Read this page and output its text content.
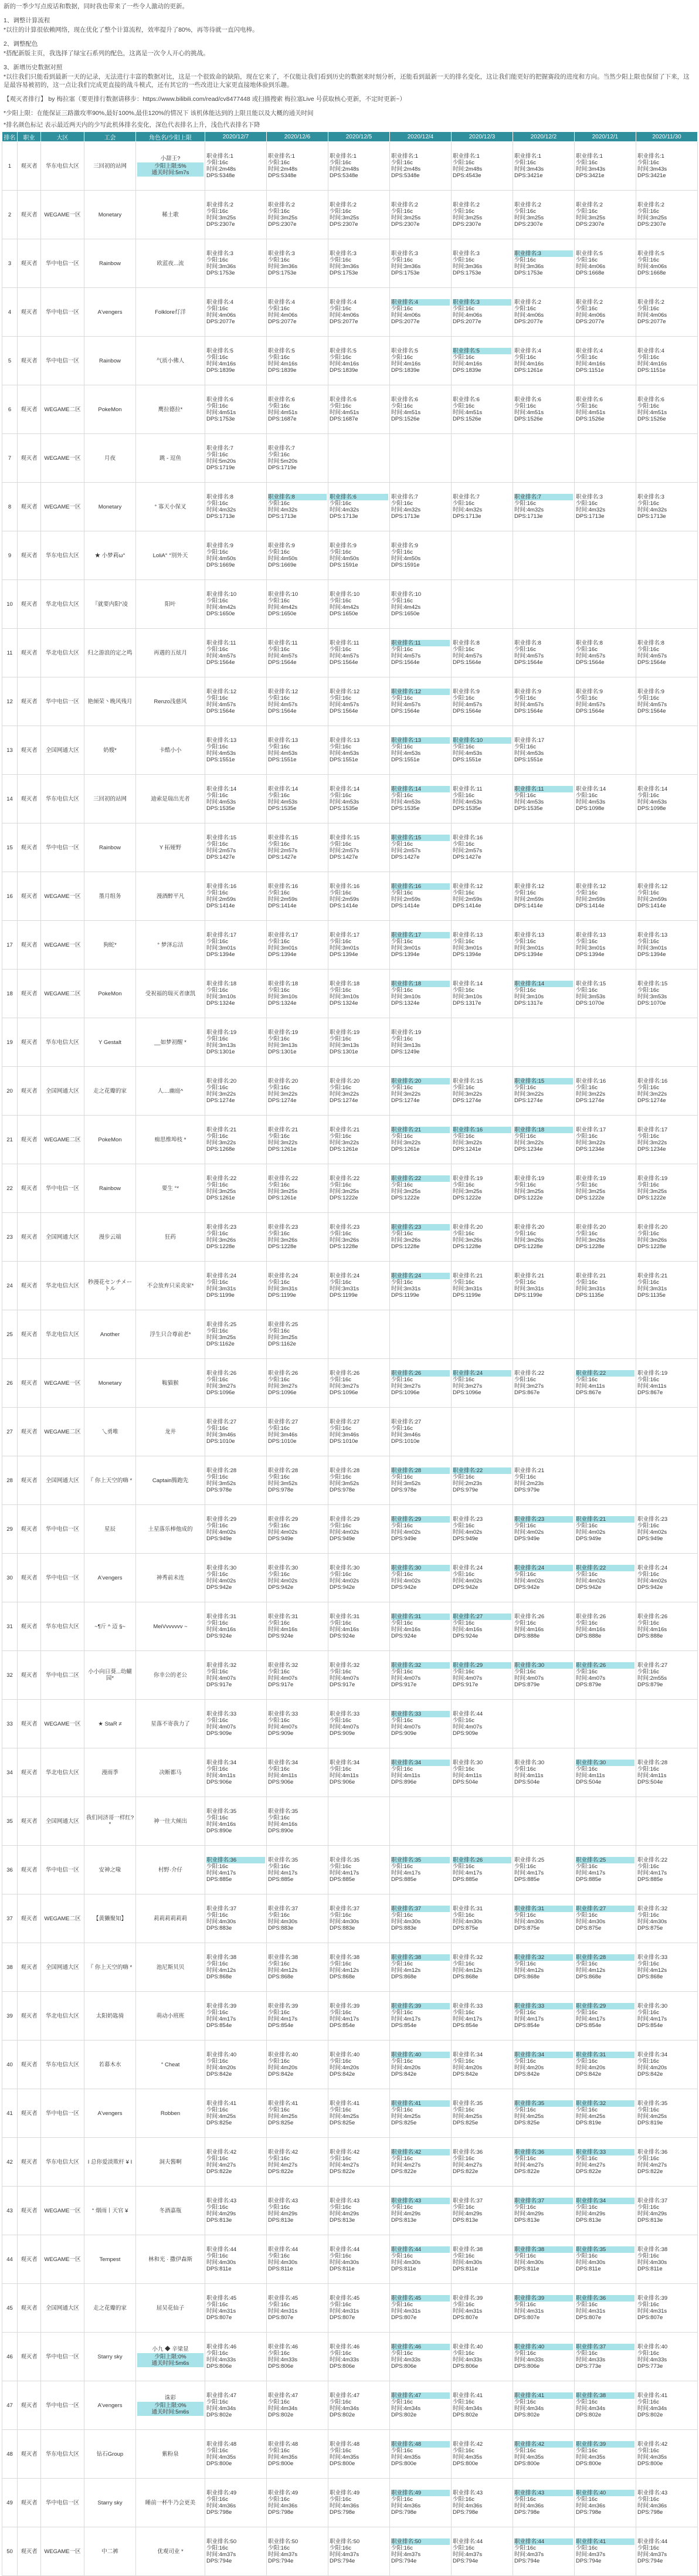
新的一季少写点废话和数据，同时我也带来了一些令人激动的更新。

1、调整计算流程

*以往的计算很依赖网络，现在优化了整个计算流程，效率提升了80%，再等待就一直闪电棒。

2、调整配色

*搭配新版主页，我选择了绿宝石系列的配色，这离是一次令人开心的挑战。

3、新增历史数据对照

*以往我们只能看到最新一天的记录，无法进行丰富的数据对比，这是一个很致命的缺陷，现在它来了，不仅能让我们看到历史的数据来时刻分析，还能看到最新一天的排名变化，这让我们能更好的把握赛段的进度和方向。当然少阳上限也保留了下来，这是最容易被初的，这一点让我们完成更直接的战斗模式，还有其它的一些改进让大家更直接地体验到乐趣。

【观灭者排行】 by 梅拉塞（要更排行数据请移步：https://www.bilibili.com/read/cv8477448 或扫描搜索 梅拉塞Live 号获取核心更新，不定时更新~）

*少阳上限：在能保证三路激攻率90%,最好100%,最佳120%的情况下 该机体能达到的上限且能以及大概的通关时间

*排名颜色标记 表示最近两天内的少写此机体排名变化，深色代表排名上升，浅色代表排名下降

排名	职业	大区	工会	角色名/少阳上限	2020/12/7	2020/12/6	2020/12/5	2020/12/4	2020/12/3	2020/12/2	2020/12/1	2020/11/30
1	观灭者	华东电信大区	三回初的站网	小甜王?
少阳上限:5%
通关时间:5m7s	职业排名:1
少阳:16c
时间:2m48s
DPS:5348e	职业排名:1
少阳:16c
时间:2m48s
DPS:5348e	职业排名:1
少阳:16c
时间:2m48s
DPS:5348e	职业排名:1
少阳:16c
时间:2m48s
DPS:5348e	职业排名:1
少阳:16c
时间:2m48s
DPS:4543e	职业排名:1
少阳:16c
时间:3m43s
DPS:3421e	职业排名:1
少阳:16c
时间:3m43s
DPS:3421e	职业排名:1
少阳:16c
时间:3m43s
DPS:3421e

2	观灭者	WEGAME一区	Monetary	稀土歌	职业排名:2
少阳:16c
时间:3m25s
DPS:2307e	职业排名:2
少阳:16c
时间:3m25s
DPS:2307e	职业排名:2
少阳:16c
时间:3m25s
DPS:2307e	职业排名:2
少阳:16c
时间:3m25s
DPS:2307e	职业排名:2
少阳:16c
时间:3m25s
DPS:2307e	职业排名:2
少阳:16c
时间:3m25s
DPS:2307e	职业排名:2
少阳:16c
时间:3m25s
DPS:2307e	职业排名:2
少阳:16c
时间:3m25s
DPS:2307e

3	观灭者	华中电信一区	Rainbow	欧蓝夜...流	职业排名:3
少阳:16c
时间:3m36s
DPS:1753e	职业排名:3
少阳:16c
时间:3m36s
DPS:1753e	职业排名:3
少阳:16c
时间:3m36s
DPS:1753e	职业排名:3
少阳:16c
时间:3m36s
DPS:1753e	职业排名:3
少阳:16c
时间:3m36s
DPS:1753e	职业排名:3
少阳:16c
时间:3m36s
DPS:1753e	职业排名:5
少阳:16c
时间:4m06s
DPS:1668e	职业排名:5
少阳:16c
时间:4m06s
DPS:1668e

4	观灭者	华中电信一区	A'vengers	Folklore灯洋	职业排名:4
少阳:16c
时间:4m06s
DPS:2077e	职业排名:4
少阳:16c
时间:4m06s
DPS:2077e	职业排名:4
少阳:16c
时间:4m06s
DPS:2077e	职业排名:4
少阳:16c
时间:4m06s
DPS:2077e	职业排名:3
少阳:16c
时间:4m06s
DPS:2077e	职业排名:2
少阳:16c
时间:4m06s
DPS:2077e	职业排名:2
少阳:16c
时间:4m06s
DPS:2077e	职业排名:2
少阳:16c
时间:4m06s
DPS:2077e

5	观灭者	华中电信一区	Rainbow	气质小佛人	职业排名:5
少阳:16c
时间:4m16s
DPS:1839e	职业排名:5
少阳:16c
时间:4m16s
DPS:1839e	职业排名:5
少阳:16c
时间:4m16s
DPS:1839e	职业排名:5
少阳:16c
时间:4m16s
DPS:1839e	职业排名:5
少阳:16c
时间:4m16s
DPS:1839e	职业排名:4
少阳:16c
时间:4m16s
DPS:1261e	职业排名:4
少阳:16c
时间:4m16s
DPS:1151e	职业排名:4
少阳:16c
时间:4m16s
DPS:1151e

6	观灭者	WEGAME二区	PokeMon	鹰拉德拉*	职业排名:6
少阳:16c
时间:4m51s
DPS:1753e	职业排名:6
少阳:16c
时间:4m51s
DPS:1687e	职业排名:6
少阳:16c
时间:4m51s
DPS:1687e	职业排名:6
少阳:16c
时间:4m51s
DPS:1526e	职业排名:6
少阳:16c
时间:4m51s
DPS:1526e	职业排名:6
少阳:16c
时间:4m51s
DPS:1526e	职业排名:6
少阳:16c
时间:4m51s
DPS:1526e	职业排名:6
少阳:16c
时间:4m51s
DPS:1526e

7	观灭者	WEGAME一区	月夜	跳 - 逗鱼	职业排名:7
少阳:16c
时间:5m20s
DPS:1719e	职业排名:7
少阳:16c
时间:5m20s
DPS:1719e						

8	观灭者	WEGAME一区	Monetary	° 寡天小保叉	职业排名:8
少阳:16c
时间:4m32s
DPS:1713e	职业排名:8
少阳:16c
时间:4m32s
DPS:1713e	职业排名:6
少阳:16c
时间:4m32s
DPS:1713e	职业排名:7
少阳:16c
时间:4m32s
DPS:1713e	职业排名:7
少阳:16c
时间:4m32s
DPS:1713e	职业排名:7
少阳:16c
时间:4m32s
DPS:1713e	职业排名:3
少阳:16c
时间:4m32s
DPS:1713e	职业排名:3
少阳:16c
时间:4m32s
DPS:1713e

9	观灭者	华东电信大区	★ 小梦莉ω°	LoliA° °别外天	职业排名:9
少阳:16c
时间:4m50s
DPS:1669e	职业排名:9
少阳:16c
时间:4m50s
DPS:1669e	职业排名:9
少阳:16c
时间:4m50s
DPS:1591e	职业排名:9
少阳:16c
时间:4m50s
DPS:1591e				

10	观灭者	华北电信大区	『就要内阳°凌	阳叶	职业排名:10
少阳:16c
时间:4m42s
DPS:1650e	职业排名:10
少阳:16c
时间:4m42s
DPS:1650e	职业排名:10
少阳:16c
时间:4m42s
DPS:1650e	职业排名:10
少阳:16c
时间:4m42s
DPS:1650e				

11	观灭者	华北电信大区	归之游浪的定之鸣	再遇的五炫月	职业排名:11
少阳:16c
时间:4m57s
DPS:1564e	职业排名:11
少阳:16c
时间:4m57s
DPS:1564e	职业排名:11
少阳:16c
时间:4m57s
DPS:1564e	职业排名:11
少阳:16c
时间:4m57s
DPS:1564e	职业排名:8
少阳:16c
时间:4m57s
DPS:1564e	职业排名:8
少阳:16c
时间:4m57s
DPS:1564e	职业排名:8
少阳:16c
时间:4m57s
DPS:1564e	职业排名:8
少阳:16c
时间:4m57s
DPS:1564e

12	观灭者	华中电信一区	艳倾荣丶晚风残月	Renzo浅慈风	职业排名:12
少阳:16c
时间:4m57s
DPS:1564e	职业排名:12
少阳:16c
时间:4m57s
DPS:1564e	职业排名:12
少阳:16c
时间:4m57s
DPS:1564e	职业排名:12
少阳:16c
时间:4m57s
DPS:1564e	职业排名:9
少阳:16c
时间:4m57s
DPS:1564e	职业排名:9
少阳:16c
时间:4m57s
DPS:1564e	职业排名:9
少阳:16c
时间:4m57s
DPS:1564e	职业排名:9
少阳:16c
时间:4m57s
DPS:1564e

13	观灭者	全国网通大区	奶嫂*	卡酷小小	职业排名:13
少阳:16c
时间:4m53s
DPS:1551e	职业排名:13
少阳:16c
时间:4m53s
DPS:1551e	职业排名:13
少阳:16c
时间:4m53s
DPS:1551e	职业排名:13
少阳:16c
时间:4m53s
DPS:1551e	职业排名:10
少阳:16c
时间:4m53s
DPS:1551e	职业排名:17
少阳:16c
时间:4m53s
DPS:1551e		

14	观灭者	华东电信大区	三回初的站网	迪索是瑞出光者	职业排名:14
少阳:16c
时间:4m53s
DPS:1535e	职业排名:14
少阳:16c
时间:4m53s
DPS:1535e	职业排名:14
少阳:16c
时间:4m53s
DPS:1535e	职业排名:14
少阳:16c
时间:4m53s
DPS:1535e	职业排名:11
少阳:16c
时间:4m53s
DPS:1535e	职业排名:11
少阳:16c
时间:4m53s
DPS:1535e	职业排名:14
少阳:16c
时间:4m53s
DPS:1098e	职业排名:14
少阳:16c
时间:4m53s
DPS:1098e

15	观灭者	华中电信一区	Rainbow	Y 拓娅野	职业排名:15
少阳:16c
时间:2m57s
DPS:1427e	职业排名:15
少阳:16c
时间:2m57s
DPS:1427e	职业排名:15
少阳:16c
时间:2m57s
DPS:1427e	职业排名:15
少阳:16c
时间:2m57s
DPS:1427e	职业排名:16
少阳:16c
时间:2m57s
DPS:1427e			

16	观灭者	WEGAME一区	墨月组务	漫酒醉平凡	职业排名:16
少阳:16c
时间:2m59s
DPS:1414e	职业排名:16
少阳:16c
时间:2m59s
DPS:1414e	职业排名:16
少阳:16c
时间:2m59s
DPS:1414e	职业排名:16
少阳:16c
时间:2m59s
DPS:1414e	职业排名:12
少阳:16c
时间:2m59s
DPS:1414e	职业排名:12
少阳:16c
时间:2m59s
DPS:1414e	职业排名:12
少阳:16c
时间:2m59s
DPS:1414e	职业排名:12
少阳:16c
时间:2m59s
DPS:1414e

17	观灭者	WEGAME一区	狗蛇*	° 梦泽忘洁	职业排名:17
少阳:16c
时间:3m01s
DPS:1394e	职业排名:17
少阳:16c
时间:3m01s
DPS:1394e	职业排名:17
少阳:16c
时间:3m01s
DPS:1394e	职业排名:17
少阳:16c
时间:3m01s
DPS:1394e	职业排名:13
少阳:16c
时间:3m01s
DPS:1394e	职业排名:13
少阳:16c
时间:3m01s
DPS:1394e	职业排名:13
少阳:16c
时间:3m01s
DPS:1394e	职业排名:13
少阳:16c
时间:3m01s
DPS:1394e

18	观灭者	WEGAME二区	PokeMon	受祝福的瑞灭者康凯	职业排名:18
少阳:16c
时间:3m10s
DPS:1324e	职业排名:18
少阳:16c
时间:3m10s
DPS:1324e	职业排名:18
少阳:16c
时间:3m10s
DPS:1324e	职业排名:18
少阳:16c
时间:3m10s
DPS:1324e	职业排名:14
少阳:16c
时间:3m10s
DPS:1317e	职业排名:14
少阳:16c
时间:3m10s
DPS:1317e	职业排名:15
少阳:16c
时间:3m53s
DPS:1070e	职业排名:15
少阳:16c
时间:3m53s
DPS:1070e

19	观灭者	华东电信大区	Y Gestalt	__如梦初醒 *	职业排名:19
少阳:16c
时间:3m13s
DPS:1301e	职业排名:19
少阳:16c
时间:3m13s
DPS:1301e	职业排名:19
少阳:16c
时间:3m13s
DPS:1301e	职业排名:19
少阳:16c
时间:3m13s
DPS:1249e				

20	观灭者	全国网通大区	走之花瓣的家	人....幽庭^	职业排名:20
少阳:16c
时间:3m22s
DPS:1274e	职业排名:20
少阳:16c
时间:3m22s
DPS:1274e	职业排名:20
少阳:16c
时间:3m22s
DPS:1274e	职业排名:20
少阳:16c
时间:3m22s
DPS:1274e	职业排名:15
少阳:16c
时间:3m22s
DPS:1274e	职业排名:15
少阳:16c
时间:3m22s
DPS:1274e	职业排名:16
少阳:16c
时间:3m22s
DPS:1274e	职业排名:16
少阳:16c
时间:3m22s
DPS:1274e

21	观灭者	WEGAME二区	PokeMon	痴思维埠枝 *	职业排名:21
少阳:16c
时间:3m22s
DPS:1268e	职业排名:21
少阳:16c
时间:3m22s
DPS:1261e	职业排名:21
少阳:16c
时间:3m22s
DPS:1261e	职业排名:21
少阳:16c
时间:3m22s
DPS:1261e	职业排名:16
少阳:16c
时间:3m22s
DPS:1241e	职业排名:18
少阳:16c
时间:3m22s
DPS:1234e	职业排名:17
少阳:16c
时间:3m22s
DPS:1234e	职业排名:17
少阳:16c
时间:3m22s
DPS:1234e

22	观灭者	华中电信一区	Rainbow	要生 °*	职业排名:22
少阳:16c
时间:3m25s
DPS:1261e	职业排名:22
少阳:16c
时间:3m25s
DPS:1261e	职业排名:22
少阳:16c
时间:3m25s
DPS:1222e	职业排名:22
少阳:16c
时间:3m25s
DPS:1222e	职业排名:19
少阳:16c
时间:3m25s
DPS:1222e	职业排名:19
少阳:16c
时间:3m25s
DPS:1222e	职业排名:19
少阳:16c
时间:3m25s
DPS:1222e	职业排名:19
少阳:16c
时间:3m25s
DPS:1222e

23	观灭者	全国网通大区	漫步云端	狂药	职业排名:23
少阳:16c
时间:3m26s
DPS:1228e	职业排名:23
少阳:16c
时间:3m26s
DPS:1228e	职业排名:23
少阳:16c
时间:3m26s
DPS:1228e	职业排名:23
少阳:16c
时间:3m26s
DPS:1228e	职业排名:20
少阳:16c
时间:3m26s
DPS:1228e	职业排名:20
少阳:16c
时间:3m26s
DPS:1228e	职业排名:20
少阳:16c
时间:3m26s
DPS:1228e	职业排名:20
少阳:16c
时间:3m26s
DPS:1228e

24	观灭者	华北电信大区	秒漫花センチメートル	不会放弃只采炎家*	职业排名:24
少阳:16c
时间:3m31s
DPS:1199e	职业排名:24
少阳:16c
时间:3m31s
DPS:1199e	职业排名:24
少阳:16c
时间:3m31s
DPS:1199e	职业排名:24
少阳:16c
时间:3m31s
DPS:1199e	职业排名:21
少阳:16c
时间:3m31s
DPS:1199e	职业排名:21
少阳:16c
时间:3m31s
DPS:1199e	职业排名:21
少阳:16c
时间:3m31s
DPS:1135e	职业排名:21
少阳:16c
时间:3m31s
DPS:1135e

25	观灭者	华北电信大区	Another	浮生只合尊前老*	职业排名:25
少阳:16c
时间:3m25s
DPS:1162e	职业排名:25
少阳:16c
时间:3m25s
DPS:1162e						

26	观灭者	WEGAME一区	Monetary	鞍猫猴	职业排名:26
少阳:16c
时间:3m27s
DPS:1096e	职业排名:26
少阳:16c
时间:3m27s
DPS:1096e	职业排名:26
少阳:16c
时间:3m27s
DPS:1096e	职业排名:26
少阳:16c
时间:3m27s
DPS:1096e	职业排名:24
少阳:16c
时间:3m27s
DPS:1096e	职业排名:22
少阳:16c
时间:3m27s
DPS:867e	职业排名:22
少阳:16c
时间:4m11s
DPS:867e	职业排名:19
少阳:16c
时间:4m11s
DPS:867e

27	观灭者	WEGAME二区	乀勇唯	龙井	职业排名:27
少阳:16c
时间:3m46s
DPS:1010e	职业排名:27
少阳:16c
时间:3m46s
DPS:1010e	职业排名:27
少阳:16c
时间:3m46s
DPS:1010e	职业排名:27
少阳:16c
时间:3m46s
DPS:1010e				

28	观灭者	全国网通大区	『 你上天空的嗨 *	Captain腾跑先	职业排名:28
少阳:16c
时间:3m52s
DPS:978e	职业排名:28
少阳:16c
时间:3m52s
DPS:978e	职业排名:28
少阳:16c
时间:3m52s
DPS:978e	职业排名:28
少阳:16c
时间:3m52s
DPS:978e	职业排名:22
少阳:16c
时间:2m23s
DPS:979e	职业排名:21
少阳:16c
时间:2m23s
DPS:979e		

29	观灭者	华中电信一区	星辰	土星落乐棒他成的	职业排名:29
少阳:16c
时间:4m02s
DPS:949e	职业排名:29
少阳:16c
时间:4m02s
DPS:949e	职业排名:29
少阳:16c
时间:4m02s
DPS:949e	职业排名:29
少阳:16c
时间:4m02s
DPS:949e	职业排名:23
少阳:16c
时间:4m02s
DPS:949e	职业排名:23
少阳:16c
时间:4m02s
DPS:949e	职业排名:21
少阳:16c
时间:4m02s
DPS:949e	职业排名:23
少阳:16c
时间:4m02s
DPS:949e

30	观灭者	华中电信一区	A'vengers	神秀前未连	职业排名:30
少阳:16c
时间:4m02s
DPS:942e	职业排名:30
少阳:16c
时间:4m02s
DPS:942e	职业排名:30
少阳:16c
时间:4m02s
DPS:942e	职业排名:30
少阳:16c
时间:4m02s
DPS:942e	职业排名:24
少阳:16c
时间:4m02s
DPS:942e	职业排名:24
少阳:16c
时间:4m02s
DPS:942e	职业排名:22
少阳:16c
时间:4m02s
DPS:942e	职业排名:24
少阳:16c
时间:4m02s
DPS:942e

31	观灭者	华东电信大区	~¶斤 ^ 迈 §~	MeiVvvvvvv ~	职业排名:31
少阳:16c
时间:4m16s
DPS:924e	职业排名:31
少阳:16c
时间:4m16s
DPS:924e	职业排名:31
少阳:16c
时间:4m16s
DPS:924e	职业排名:31
少阳:16c
时间:4m16s
DPS:924e	职业排名:27
少阳:16c
时间:4m16s
DPS:924e	职业排名:26
少阳:16c
时间:4m16s
DPS:888e	职业排名:26
少阳:16c
时间:4m16s
DPS:888e	职业排名:26
少阳:16c
时间:4m16s
DPS:888e

32	观灭者	华中电信二区	小小向日葵...幼蝴园*	你幸公的老公	职业排名:32
少阳:16c
时间:4m07s
DPS:917e	职业排名:32
少阳:16c
时间:4m07s
DPS:917e	职业排名:32
少阳:16c
时间:4m07s
DPS:917e	职业排名:32
少阳:16c
时间:4m07s
DPS:917e	职业排名:29
少阳:16c
时间:4m07s
DPS:917e	职业排名:30
少阳:16c
时间:4m07s
DPS:879e	职业排名:26
少阳:16c
时间:4m07s
DPS:879e	职业排名:27
少阳:16c
时间:2m55s
DPS:879e

33	观灭者	WEGAME一区	★ StaR ≠	星落不寄我力了	职业排名:33
少阳:16c
时间:4m07s
DPS:909e	职业排名:33
少阳:16c
时间:4m07s
DPS:909e	职业排名:33
少阳:16c
时间:4m07s
DPS:909e	职业排名:33
少阳:16c
时间:4m07s
DPS:909e	职业排名:44
少阳:16c
时间:4m07s
DPS:909e			

34	观灭者	华北电信大区	漫雨季	决断都马	职业排名:34
少阳:16c
时间:4m11s
DPS:906e	职业排名:34
少阳:16c
时间:4m11s
DPS:906e	职业排名:34
少阳:16c
时间:4m11s
DPS:906e	职业排名:34
少阳:16c
时间:4m11s
DPS:896e	职业排名:30
少阳:16c
时间:4m11s
DPS:504e	职业排名:30
少阳:16c
时间:4m11s
DPS:504e	职业排名:30
少阳:16c
时间:4m11s
DPS:504e	职业排名:28
少阳:16c
时间:4m11s
DPS:504e

35	观灭者	全国网通大区	我们同济哥一样红?*	神一往大倾出	职业排名:35
少阳:16c
时间:4m16s
DPS:890e	职业排名:35
少阳:16c
时间:4m16s
DPS:890e						

36	观灭者	华中电信一区	安神之喙	村野·介仔	职业排名:36
少阳:16c
时间:4m17s
DPS:885e	职业排名:35
少阳:16c
时间:4m17s
DPS:885e	职业排名:35
少阳:16c
时间:4m17s
DPS:885e	职业排名:35
少阳:16c
时间:4m17s
DPS:885e	职业排名:26
少阳:16c
时间:4m17s
DPS:885e	职业排名:25
少阳:16c
时间:4m17s
DPS:885e	职业排名:25
少阳:16c
时间:4m17s
DPS:885e	职业排名:22
少阳:16c
时间:4m17s
DPS:885e

37	观灭者	WEGAME二区	【黄獭聚知】	莉莉莉莉莉莉	职业排名:37
少阳:16c
时间:4m30s
DPS:883e	职业排名:37
少阳:16c
时间:4m30s
DPS:883e	职业排名:37
少阳:16c
时间:4m30s
DPS:883e	职业排名:37
少阳:16c
时间:4m30s
DPS:883e	职业排名:31
少阳:16c
时间:4m30s
DPS:875e	职业排名:31
少阳:16c
时间:4m30s
DPS:875e	职业排名:27
少阳:16c
时间:4m30s
DPS:875e	职业排名:32
少阳:16c
时间:4m30s
DPS:875e

38	观灭者	全国网通大区	『 你上天空的嗨 *	池尼斯贝贝	职业排名:38
少阳:16c
时间:4m12s
DPS:868e	职业排名:38
少阳:16c
时间:4m12s
DPS:868e	职业排名:38
少阳:16c
时间:4m12s
DPS:868e	职业排名:38
少阳:16c
时间:4m12s
DPS:868e	职业排名:32
少阳:16c
时间:4m12s
DPS:868e	职业排名:32
少阳:16c
时间:4m12s
DPS:868e	职业排名:28
少阳:16c
时间:4m12s
DPS:868e	职业排名:33
少阳:16c
时间:4m12s
DPS:868e

39	观灭者	华北电信大区	太阳奶匙骑	萌动小班班	职业排名:39
少阳:16c
时间:4m17s
DPS:854e	职业排名:39
少阳:16c
时间:4m17s
DPS:854e	职业排名:39
少阳:16c
时间:4m17s
DPS:854e	职业排名:39
少阳:16c
时间:4m17s
DPS:854e	职业排名:33
少阳:16c
时间:4m17s
DPS:854e	职业排名:33
少阳:16c
时间:4m17s
DPS:854e	职业排名:29
少阳:16c
时间:4m17s
DPS:854e	职业排名:30
少阳:16c
时间:4m17s
DPS:854e

40	观灭者	华东电信大区	若幕木水	° Cheat	职业排名:40
少阳:16c
时间:4m20s
DPS:842e	职业排名:40
少阳:16c
时间:4m20s
DPS:842e	职业排名:40
少阳:16c
时间:4m20s
DPS:842e	职业排名:40
少阳:16c
时间:4m20s
DPS:842e	职业排名:34
少阳:16c
时间:4m20s
DPS:842e	职业排名:34
少阳:16c
时间:4m20s
DPS:842e	职业排名:31
少阳:16c
时间:4m20s
DPS:842e	职业排名:34
少阳:16c
时间:4m20s
DPS:842e

41	观灭者	华中电信一区	A'vengers	Robben	职业排名:41
少阳:16c
时间:4m25s
DPS:825e	职业排名:41
少阳:16c
时间:4m25s
DPS:825e	职业排名:41
少阳:16c
时间:4m25s
DPS:825e	职业排名:41
少阳:16c
时间:4m25s
DPS:825e	职业排名:35
少阳:16c
时间:4m25s
DPS:825e	职业排名:35
少阳:16c
时间:4m25s
DPS:825e	职业排名:32
少阳:16c
时间:4m25s
DPS:819e	职业排名:35
少阳:16c
时间:4m25s
DPS:819e

42	观灭者	华东电信大区	I 总你爱淡欺杆 ¥ I	洞夫酱啊	职业排名:42
少阳:16c
时间:4m27s
DPS:822e	职业排名:42
少阳:16c
时间:4m27s
DPS:822e	职业排名:42
少阳:16c
时间:4m27s
DPS:822e	职业排名:42
少阳:16c
时间:4m27s
DPS:822e	职业排名:36
少阳:16c
时间:4m27s
DPS:822e	职业排名:36
少阳:16c
时间:4m27s
DPS:822e	职业排名:33
少阳:16c
时间:4m27s
DPS:822e	职业排名:36
少阳:16c
时间:4m27s
DPS:822e

43	观灭者	WEGAME一区	° 烟雨丨天官 ¥	冬酒嘉瓶	职业排名:43
少阳:16c
时间:4m29s
DPS:813e	职业排名:43
少阳:16c
时间:4m29s
DPS:813e	职业排名:43
少阳:16c
时间:4m29s
DPS:813e	职业排名:43
少阳:16c
时间:4m29s
DPS:813e	职业排名:37
少阳:16c
时间:4m29s
DPS:813e	职业排名:37
少阳:16c
时间:4m29s
DPS:813e	职业排名:34
少阳:16c
时间:4m29s
DPS:813e	职业排名:37
少阳:16c
时间:4m29s
DPS:813e

44	观灭者	WEGAME一区	Tempest	林和光 · 撒伊森斯	职业排名:44
少阳:16c
时间:4m30s
DPS:811e	职业排名:44
少阳:16c
时间:4m30s
DPS:811e	职业排名:44
少阳:16c
时间:4m30s
DPS:811e	职业排名:44
少阳:16c
时间:4m30s
DPS:811e	职业排名:38
少阳:16c
时间:4m30s
DPS:811e	职业排名:38
少阳:16c
时间:4m30s
DPS:811e	职业排名:35
少阳:16c
时间:4m30s
DPS:811e	职业排名:38
少阳:16c
时间:4m30s
DPS:811e

45	观灭者	全国网通大区	走之花瓣的家	屈吴花仙子	职业排名:45
少阳:16c
时间:4m31s
DPS:807e	职业排名:45
少阳:16c
时间:4m31s
DPS:807e	职业排名:45
少阳:16c
时间:4m31s
DPS:807e	职业排名:45
少阳:16c
时间:4m31s
DPS:807e	职业排名:39
少阳:16c
时间:4m31s
DPS:807e	职业排名:39
少阳:16c
时间:4m31s
DPS:807e	职业排名:36
少阳:16c
时间:4m31s
DPS:807e	职业排名:39
少阳:16c
时间:4m31s
DPS:807e

46	观灭者	华中电信一区	Starry sky	小九 ◆ 辛梁显
少阳上限:0%
通关时间:5m6s	职业排名:46
少阳:16c
时间:4m33s
DPS:806e	职业排名:46
少阳:16c
时间:4m33s
DPS:806e	职业排名:46
少阳:16c
时间:4m33s
DPS:806e	职业排名:46
少阳:16c
时间:4m33s
DPS:806e	职业排名:40
少阳:16c
时间:4m33s
DPS:806e	职业排名:40
少阳:16c
时间:4m33s
DPS:806e	职业排名:37
少阳:16c
时间:4m33s
DPS:773e	职业排名:40
少阳:16c
时间:4m33s
DPS:773e

47	观灭者	华中电信一区	A'vengers	诛彩
少阳上限:0%
通关时间:5m6s	职业排名:47
少阳:16c
时间:4m34s
DPS:802e	职业排名:47
少阳:16c
时间:4m34s
DPS:802e	职业排名:47
少阳:16c
时间:4m34s
DPS:802e	职业排名:47
少阳:16c
时间:4m34s
DPS:802e	职业排名:41
少阳:16c
时间:4m34s
DPS:802e	职业排名:41
少阳:16c
时间:4m34s
DPS:802e	职业排名:38
少阳:16c
时间:4m34s
DPS:802e	职业排名:41
少阳:16c
时间:4m34s
DPS:802e

48	观灭者	华东电信大区	钻石Group	紫粉泉	职业排名:48
少阳:16c
时间:4m35s
DPS:800e	职业排名:48
少阳:16c
时间:4m35s
DPS:800e	职业排名:48
少阳:16c
时间:4m35s
DPS:800e	职业排名:48
少阳:16c
时间:4m35s
DPS:800e	职业排名:42
少阳:16c
时间:4m35s
DPS:800e	职业排名:42
少阳:16c
时间:4m35s
DPS:800e	职业排名:39
少阳:16c
时间:4m35s
DPS:800e	职业排名:42
少阳:16c
时间:4m35s
DPS:800e

49	观灭者	华中电信一区	Starry sky	睡前一杯牛乃会更美	职业排名:49
少阳:16c
时间:4m36s
DPS:798e	职业排名:49
少阳:16c
时间:4m36s
DPS:798e	职业排名:49
少阳:16c
时间:4m36s
DPS:798e	职业排名:49
少阳:16c
时间:4m36s
DPS:798e	职业排名:43
少阳:16c
时间:4m36s
DPS:798e	职业排名:43
少阳:16c
时间:4m36s
DPS:798e	职业排名:40
少阳:16c
时间:4m36s
DPS:798e	职业排名:43
少阳:16c
时间:4m36s
DPS:798e

50	观灭者	WEGAME一区	中二裤	优观司业 *	职业排名:50
少阳:16c
时间:4m37s
DPS:794e	职业排名:50
少阳:16c
时间:4m37s
DPS:794e	职业排名:50
少阳:16c
时间:4m37s
DPS:794e	职业排名:50
少阳:16c
时间:4m37s
DPS:794e	职业排名:44
少阳:16c
时间:4m37s
DPS:794e	职业排名:44
少阳:16c
时间:4m37s
DPS:794e	职业排名:41
少阳:16c
时间:4m37s
DPS:794e	职业排名:44
少阳:16c
时间:4m37s
DPS:794e
